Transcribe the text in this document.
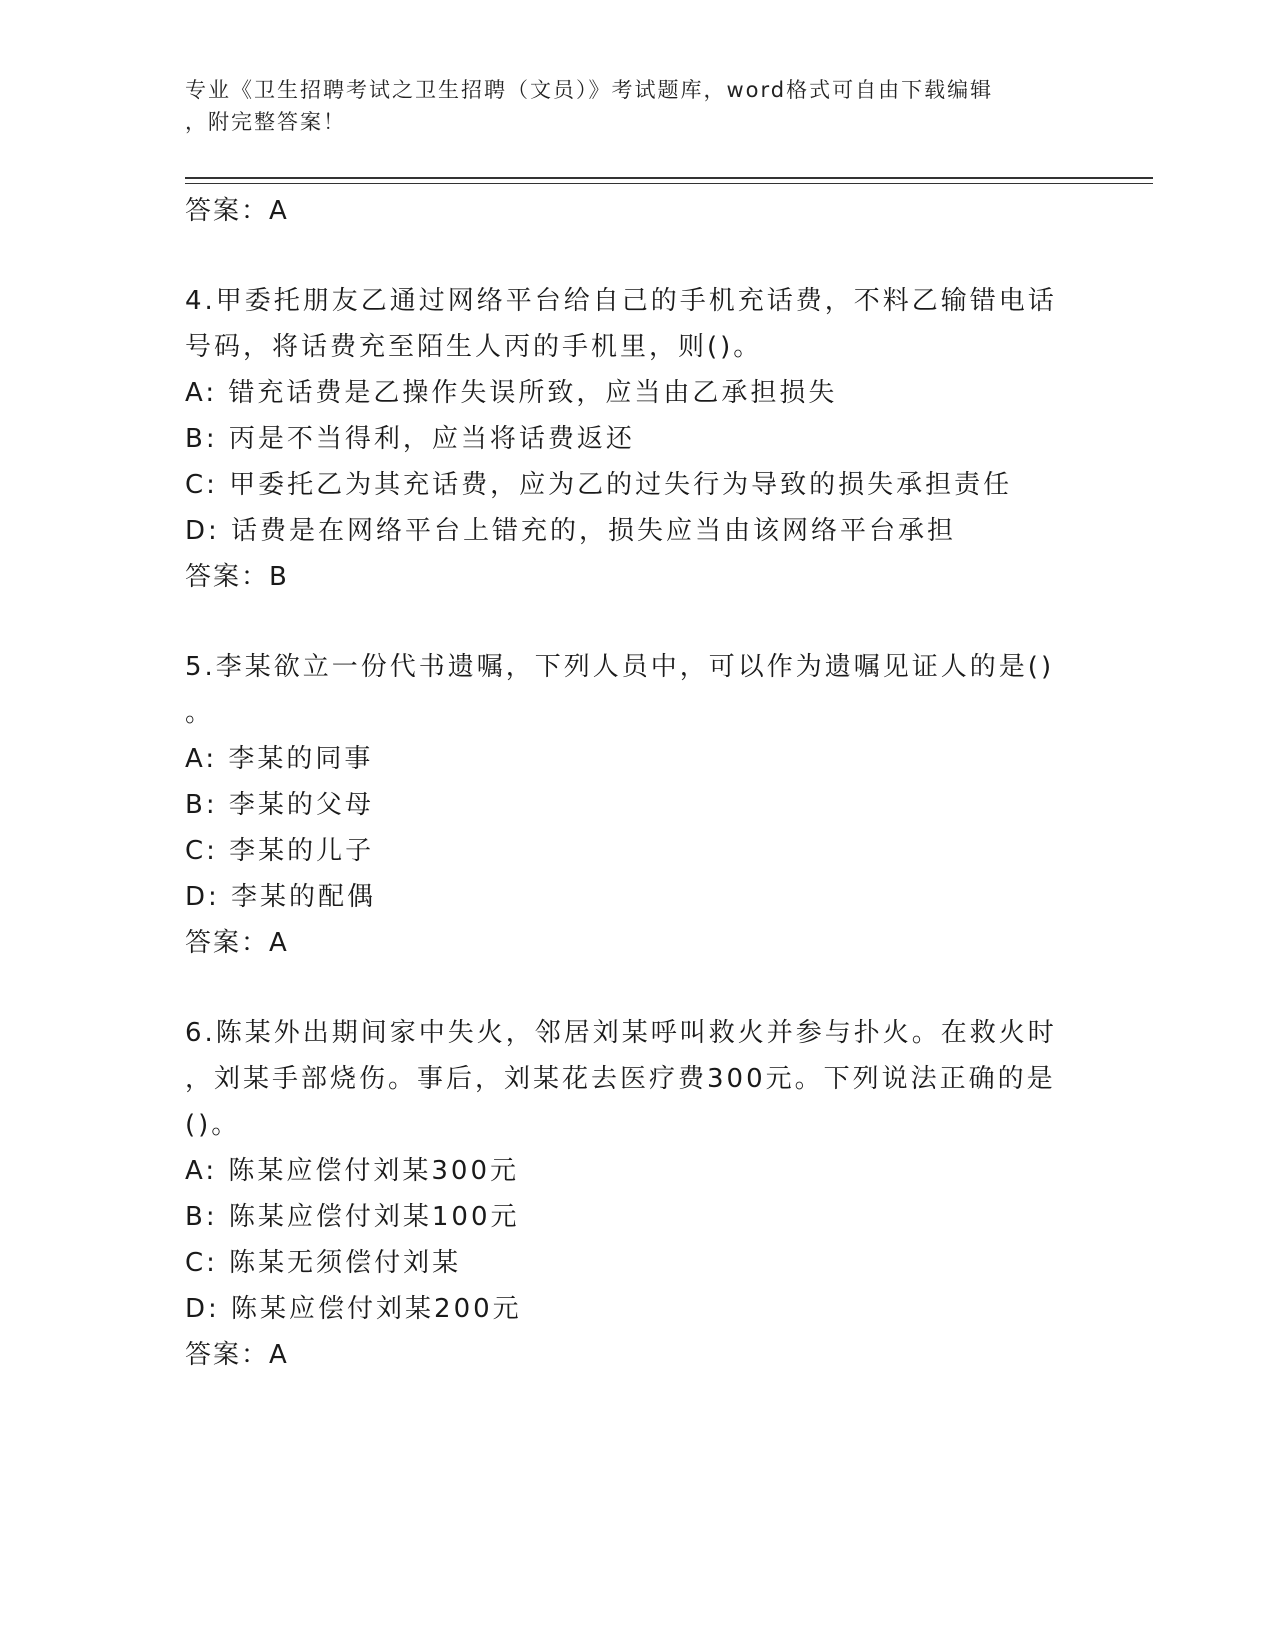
专业《卫生招聘考试之卫生招聘（文员）》考试题库，word格式可自由下载编辑
，附完整答案！
答案：A
4.甲委托朋友乙通过网络平台给自己的手机充话费，不料乙输错电话
号码，将话费充至陌生人丙的手机里，则()。
A: 错充话费是乙操作失误所致，应当由乙承担损失
B: 丙是不当得利，应当将话费返还
C: 甲委托乙为其充话费，应为乙的过失行为导致的损失承担责任
D: 话费是在网络平台上错充的，损失应当由该网络平台承担
答案：B
5.李某欲立一份代书遗嘱，下列人员中，可以作为遗嘱见证人的是()
。
A: 李某的同事
B: 李某的父母
C: 李某的儿子
D: 李某的配偶
答案：A
6.陈某外出期间家中失火，邻居刘某呼叫救火并参与扑火。在救火时
，刘某手部烧伤。事后，刘某花去医疗费300元。下列说法正确的是
()。
A: 陈某应偿付刘某300元
B: 陈某应偿付刘某100元
C: 陈某无须偿付刘某
D: 陈某应偿付刘某200元
答案：A
